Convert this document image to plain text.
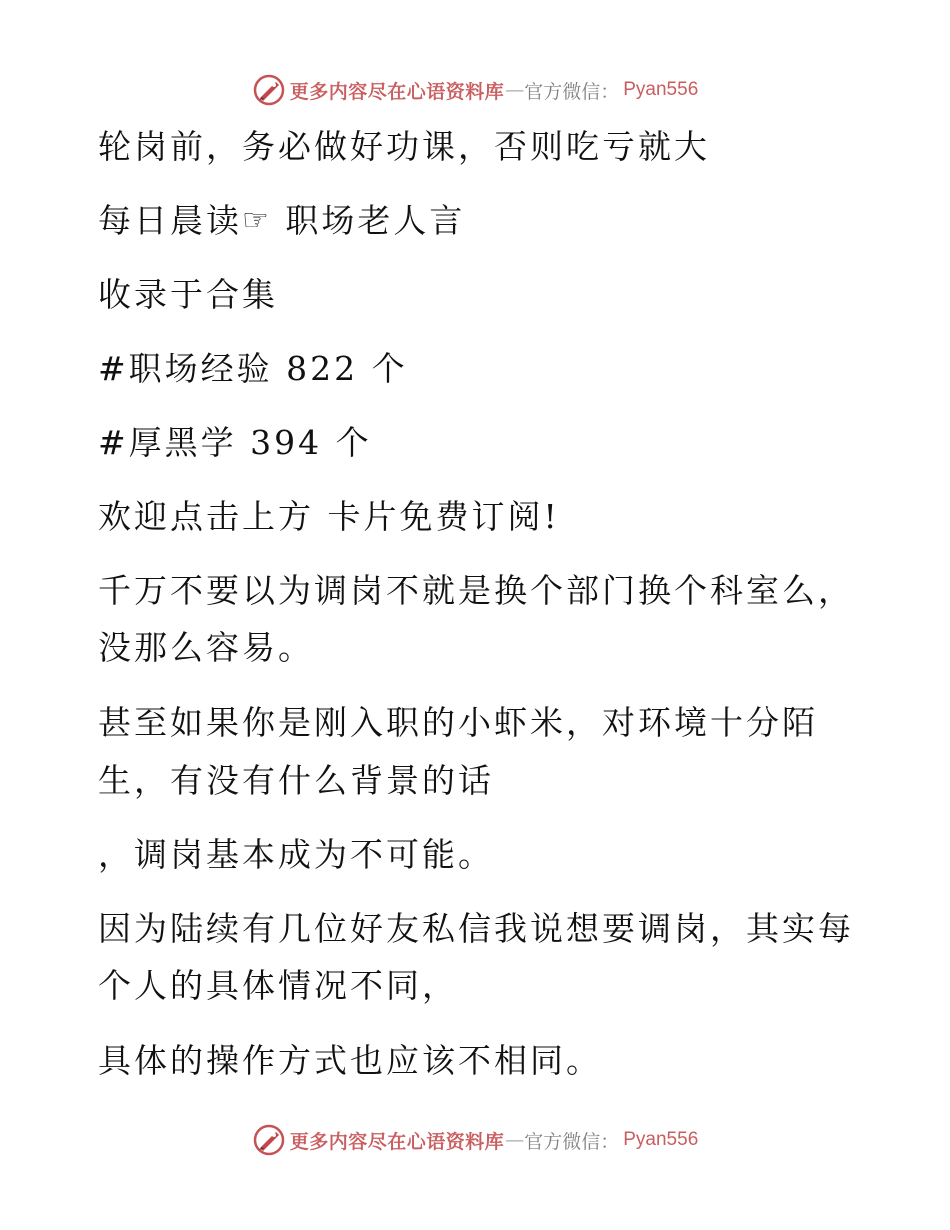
更多内容尽在心语资料库 — 官方微信： Pyan556
轮岗前，务必做好功课，否则吃亏就大
每日晨读☞ 职场老人言
收录于合集
#职场经验 822 个
#厚黑学 394 个
欢迎点击上方 卡片免费订阅!
千万不要以为调岗不就是换个部门换个科室么，
没那么容易。
甚至如果你是刚入职的小虾米，对环境十分陌
生，有没有什么背景的话
，调岗基本成为不可能。
因为陆续有几位好友私信我说想要调岗，其实每
个人的具体情况不同，
具体的操作方式也应该不相同。
更多内容尽在心语资料库 — 官方微信： Pyan556
